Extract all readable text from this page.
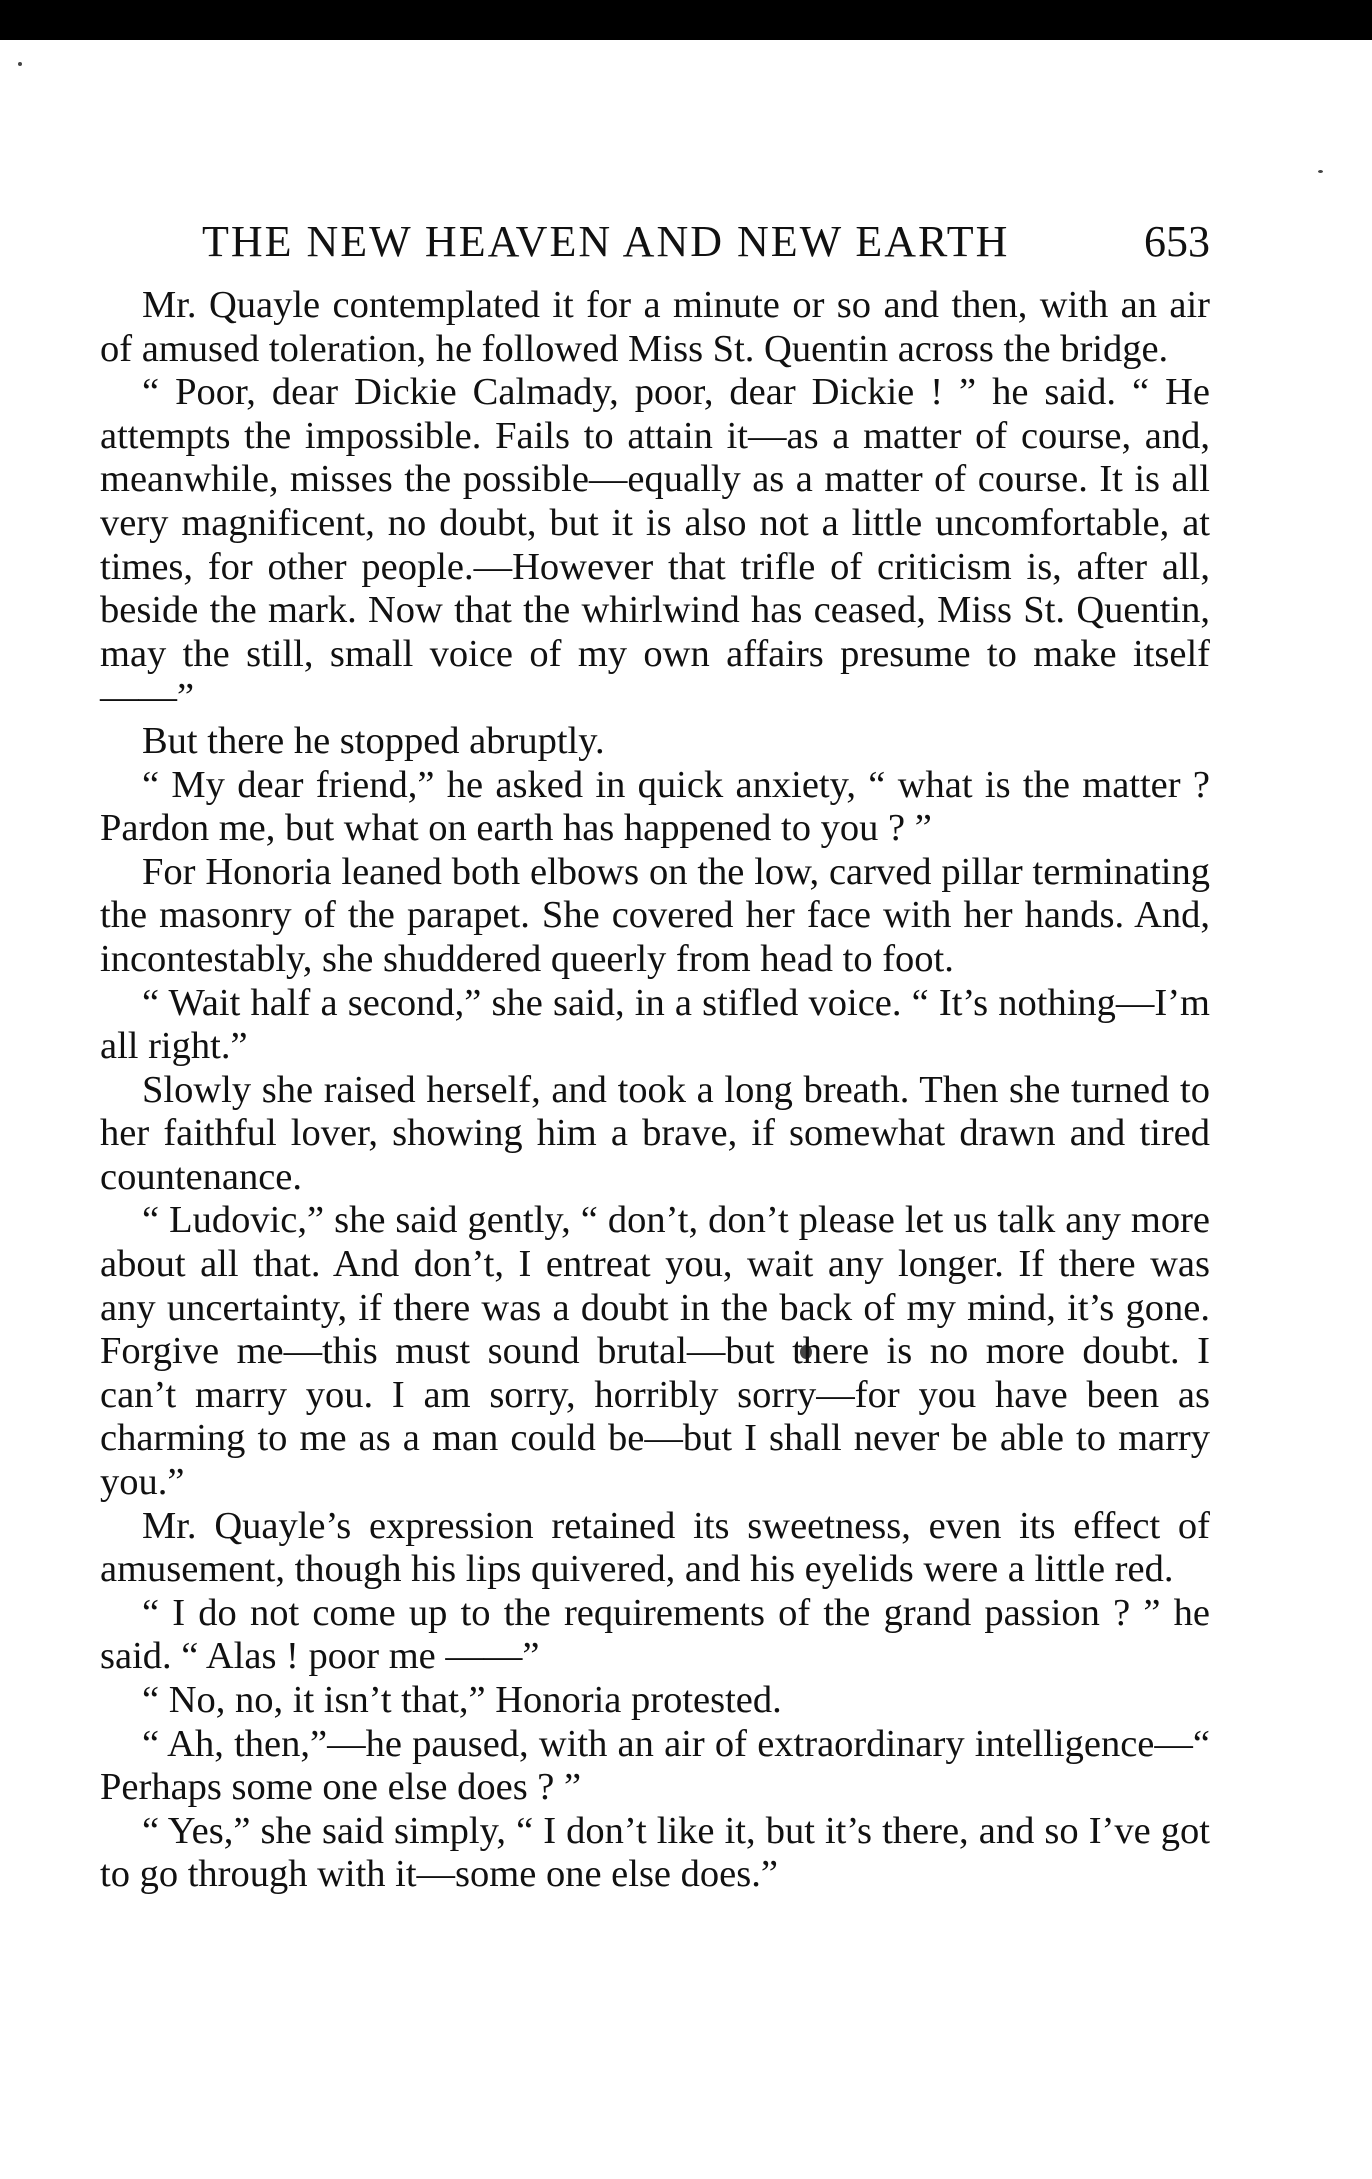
THE NEW HEAVEN AND NEW EARTH	653

Mr. Quayle contemplated it for a minute or so and then, with an air of amused toleration, he followed Miss St. Quentin across the bridge.

“ Poor, dear Dickie Calmady, poor, dear Dickie ! ” he said. “ He attempts the impossible. Fails to attain it—as a matter of course, and, meanwhile, misses the possible—equally as a matter of course. It is all very magnificent, no doubt, but it is also not a little uncomfortable, at times, for other people.—However that trifle of criticism is, after all, beside the mark. Now that the whirlwind has ceased, Miss St. Quentin, may the still, small voice of my own affairs presume to make itself ——”

But there he stopped abruptly.

“ My dear friend,” he asked in quick anxiety, “ what is the matter ? Pardon me, but what on earth has happened to you ? ”

For Honoria leaned both elbows on the low, carved pillar terminating the masonry of the parapet. She covered her face with her hands. And, incontestably, she shuddered queerly from head to foot.

“ Wait half a second,” she said, in a stifled voice. “ It’s nothing—I’m all right.”

Slowly she raised herself, and took a long breath. Then she turned to her faithful lover, showing him a brave, if somewhat drawn and tired countenance.

“ Ludovic,” she said gently, “ don’t, don’t please let us talk any more about all that. And don’t, I entreat you, wait any longer. If there was any uncertainty, if there was a doubt in the back of my mind, it’s gone. Forgive me—this must sound brutal—but there is no more doubt. I can’t marry you. I am sorry, horribly sorry—for you have been as charming to me as a man could be—but I shall never be able to marry you.”

Mr. Quayle’s expression retained its sweetness, even its effect of amusement, though his lips quivered, and his eyelids were a little red.

“ I do not come up to the requirements of the grand passion ? ” he said. “ Alas ! poor me ——”

“ No, no, it isn’t that,” Honoria protested.

“ Ah, then,”—he paused, with an air of extraordinary intelligence—“ Perhaps some one else does ? ”

“ Yes,” she said simply, “ I don’t like it, but it’s there, and so I’ve got to go through with it—some one else does.”
